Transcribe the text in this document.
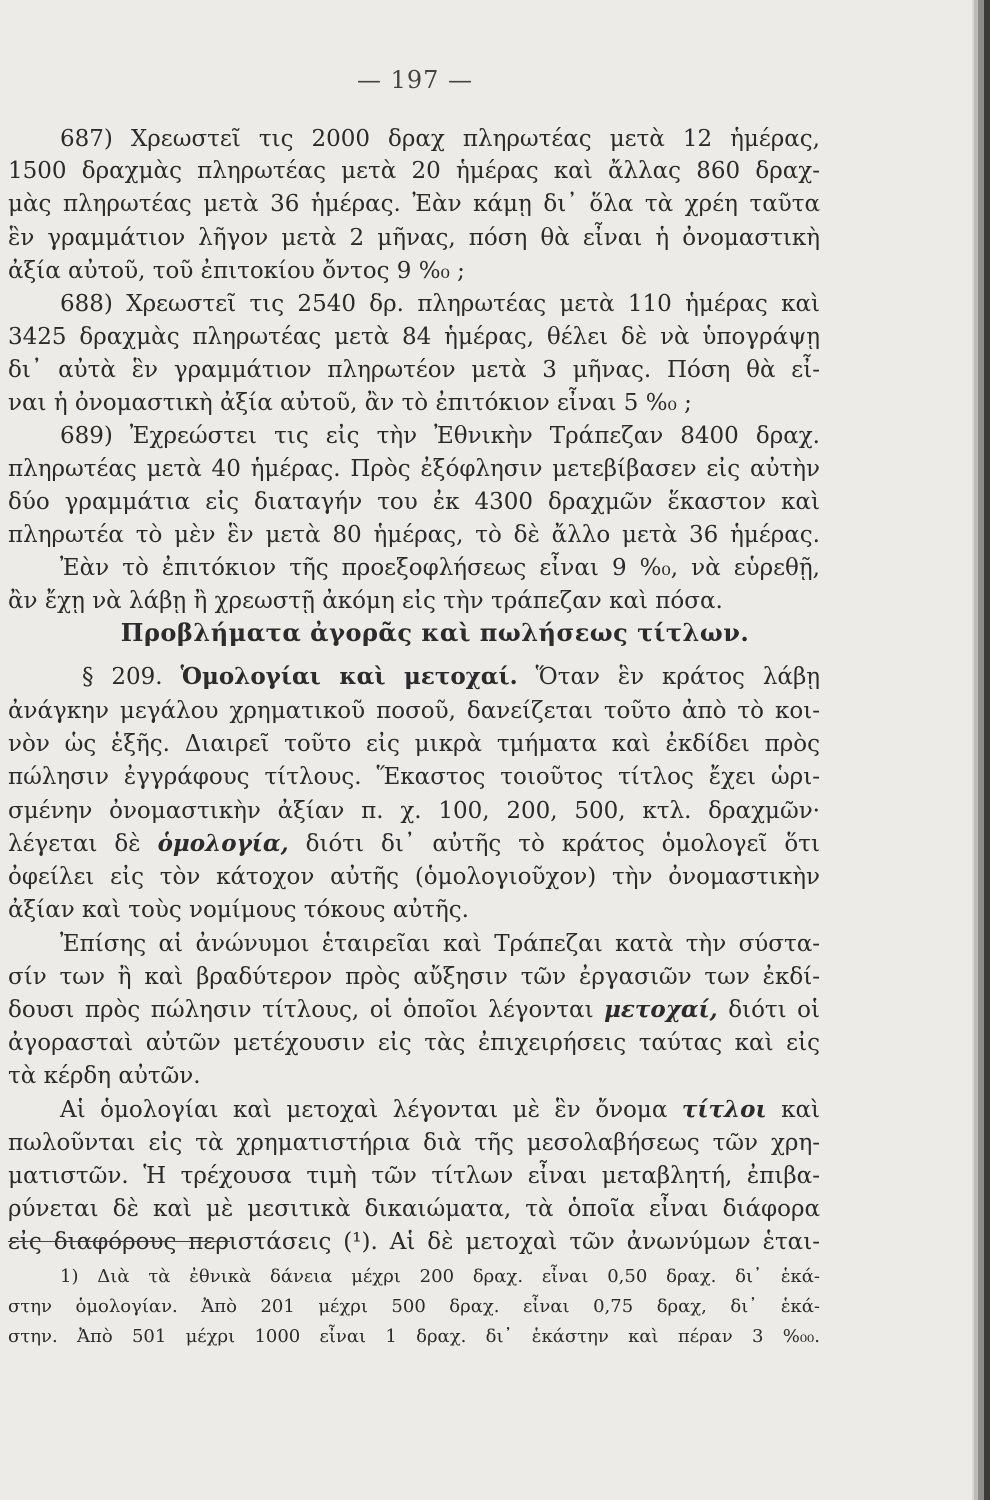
— 197 —
687) Χρεωστεῖ τις 2000 δραχ πληρωτέας μετὰ 12 ἡμέρας,
1500 δραχμὰς πληρωτέας μετὰ 20 ἡμέρας καὶ ἄλλας 860 δραχ-
μὰς πληρωτέας μετὰ 36 ἡμέρας. Ἐὰν κάμῃ δι᾽ ὅλα τὰ χρέη ταῦτα
ἓν γραμμάτιον λῆγον μετὰ 2 μῆνας, πόση θὰ εἶναι ἡ ὀνομαστικὴ
ἀξία αὐτοῦ, τοῦ ἐπιτοκίου ὄντος 9 %₀ ;
688) Χρεωστεῖ τις 2540 δρ. πληρωτέας μετὰ 110 ἡμέρας καὶ
3425 δραχμὰς πληρωτέας μετὰ 84 ἡμέρας, θέλει δὲ νὰ ὑπογράψῃ
δι᾽ αὐτὰ ἓν γραμμάτιον πληρωτέον μετὰ 3 μῆνας. Πόση θὰ εἶ-
ναι ἡ ὀνομαστικὴ ἀξία αὐτοῦ, ἂν τὸ ἐπιτόκιον εἶναι 5 %₀ ;
689) Ἐχρεώστει τις εἰς τὴν Ἐθνικὴν Τράπεζαν 8400 δραχ.
πληρωτέας μετὰ 40 ἡμέρας. Πρὸς ἐξόφλησιν μετεβίβασεν εἰς αὐτὴν
δύο γραμμάτια εἰς διαταγήν του ἐκ 4300 δραχμῶν ἕκαστον καὶ
πληρωτέα τὸ μὲν ἓν μετὰ 80 ἡμέρας, τὸ δὲ ἄλλο μετὰ 36 ἡμέρας.
Ἐὰν τὸ ἐπιτόκιον τῆς προεξοφλήσεως εἶναι 9 %₀, νὰ εὑρεθῇ,
ἂν ἔχῃ νὰ λάβῃ ἢ χρεωστῇ ἀκόμη εἰς τὴν τράπεζαν καὶ πόσα.
Προβλήματα ἀγορᾶς καὶ πωλήσεως τίτλων.
§ 209. Ὁμολογίαι καὶ μετοχαί. Ὅταν ἓν κράτος λάβῃ
ἀνάγκην μεγάλου χρηματικοῦ ποσοῦ, δανείζεται τοῦτο ἀπὸ τὸ κοι-
νὸν ὡς ἑξῆς. Διαιρεῖ τοῦτο εἰς μικρὰ τμήματα καὶ ἐκδίδει πρὸς
πώλησιν ἐγγράφους τίτλους. Ἕκαστος τοιοῦτος τίτλος ἔχει ὡρι-
σμένην ὀνομαστικὴν ἀξίαν π. χ. 100, 200, 500, κτλ. δραχμῶν·
λέγεται δὲ ὁμολογία, διότι δι᾽ αὐτῆς τὸ κράτος ὁμολογεῖ ὅτι
ὀφείλει εἰς τὸν κάτοχον αὐτῆς (ὁμολογιοῦχον) τὴν ὀνομαστικὴν
ἀξίαν καὶ τοὺς νομίμους τόκους αὐτῆς.
Ἐπίσης αἱ ἀνώνυμοι ἑταιρεῖαι καὶ Τράπεζαι κατὰ τὴν σύστα-
σίν των ἢ καὶ βραδύτερον πρὸς αὔξησιν τῶν ἐργασιῶν των ἐκδί-
δουσι πρὸς πώλησιν τίτλους, οἱ ὁποῖοι λέγονται μετοχαί, διότι οἱ
ἀγορασταὶ αὐτῶν μετέχουσιν εἰς τὰς ἐπιχειρήσεις ταύτας καὶ εἰς
τὰ κέρδη αὐτῶν.
Αἱ ὁμολογίαι καὶ μετοχαὶ λέγονται μὲ ἓν ὄνομα τίτλοι καὶ
πωλοῦνται εἰς τὰ χρηματιστήρια διὰ τῆς μεσολαβήσεως τῶν χρη-
ματιστῶν. Ἡ τρέχουσα τιμὴ τῶν τίτλων εἶναι μεταβλητή, ἐπιβα-
ρύνεται δὲ καὶ μὲ μεσιτικὰ δικαιώματα, τὰ ὁποῖα εἶναι διάφορα
εἰς διαφόρους περιστάσεις (¹). Αἱ δὲ μετοχαὶ τῶν ἀνωνύμων ἑται-
1) Διὰ τὰ ἐθνικὰ δάνεια μέχρι 200 δραχ. εἶναι 0,50 δραχ. δι᾽ ἑκά-
στην ὁμολογίαν. Ἀπὸ 201 μέχρι 500 δραχ. εἶναι 0,75 δραχ, δι᾽ ἑκά-
στην. Ἀπὸ 501 μέχρι 1000 εἶναι 1 δραχ. δι᾽ ἑκάστην καὶ πέραν 3 %₀₀.
